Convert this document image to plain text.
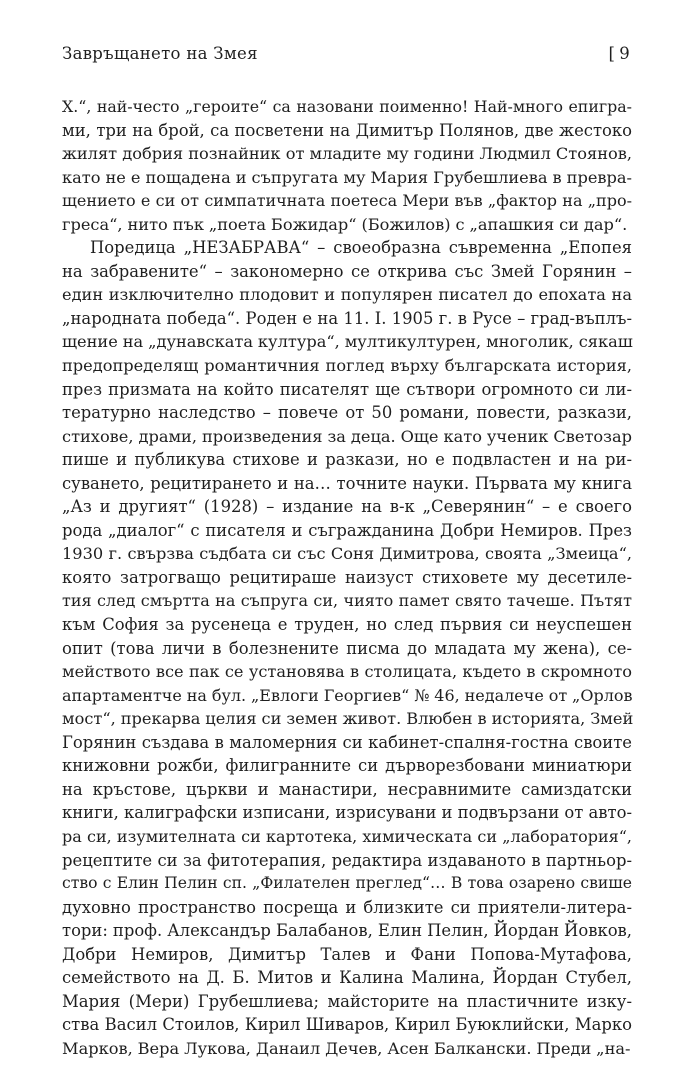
Завръщането на Змея	[ 9
Х.“, най-често „героите“ са назовани поименно! Най-много епигра-
ми, три на брой, са посветени на Димитър Полянов, две жестоко
жилят добрия познайник от младите му години Людмил Стоянов,
като не е пощадена и съпругата му Мария Грубешлиева в превра-
щението е си от симпатичната поетеса Мери във „фактор на „про-
греса“, нито пък „поета Божидар“ (Божилов) с „апашкия си дар“.
Поредица „НЕЗАБРАВА“ – своеобразна съвременна „Епопея
на забравените“ – закономерно се открива със Змей Горянин –
един изключително плодовит и популярен писател до епохата на
„народната победа“. Роден е на 11. I. 1905 г. в Русе – град-въплъ-
щение на „дунавската култура“, мултикултурен, многолик, сякаш
предопределящ романтичния поглед върху българската история,
през призмата на който писателят ще сътвори огромното си ли-
тературно наследство – повече от 50 романи, повести, разкази,
стихове, драми, произведения за деца. Още като ученик Светозар
пише и публикува стихове и разкази, но е подвластен и на ри-
суването, рецитирането и на… точните науки. Първата му книга
„Аз и другият“ (1928) – издание на в-к „Северянин“ – е своего
рода „диалог“ с писателя и съгражданина Добри Немиров. През
1930 г. свързва съдбата си със Соня Димитрова, своята „Змеица“,
която затрогващо рецитираше наизуст стиховете му десетиле-
тия след смъртта на съпруга си, чиято памет свято тачеше. Пътят
към София за русенеца е труден, но след първия си неуспешен
опит (това личи в болезнените писма до младата му жена), се-
мейството все пак се установява в столицата, където в скромното
апартаментче на бул. „Евлоги Георгиев“ № 46, недалече от „Орлов
мост“, прекарва целия си земен живот. Влюбен в историята, Змей
Горянин създава в маломерния си кабинет-спалня-гостна своите
книжовни рожби, филигранните си дърворезбовани миниатюри
на кръстове, църкви и манастири, несравнимите самиздатски
книги, калиграфски изписани, изрисувани и подвързани от авто-
ра си, изумителната си картотека, химическата си „лаборатория“,
рецептите си за фитотерапия, редактира издаваното в партньор-
ство с Елин Пелин сп. „Филателен преглед“… В това озарено свише
духовно пространство посреща и близките си приятели-литера-
тори: проф. Александър Балабанов, Елин Пелин, Йордан Йовков,
Добри Немиров, Димитър Талев и Фани Попова-Мутафова,
семейството на Д. Б. Митов и Калина Малина, Йордан Стубел,
Мария (Мери) Грубешлиева; майсторите на пластичните изку-
ства Васил Стоилов, Кирил Шиваров, Кирил Буюклийски, Марко
Марков, Вера Лукова, Данаил Дечев, Асен Балкански. Преди „на-
